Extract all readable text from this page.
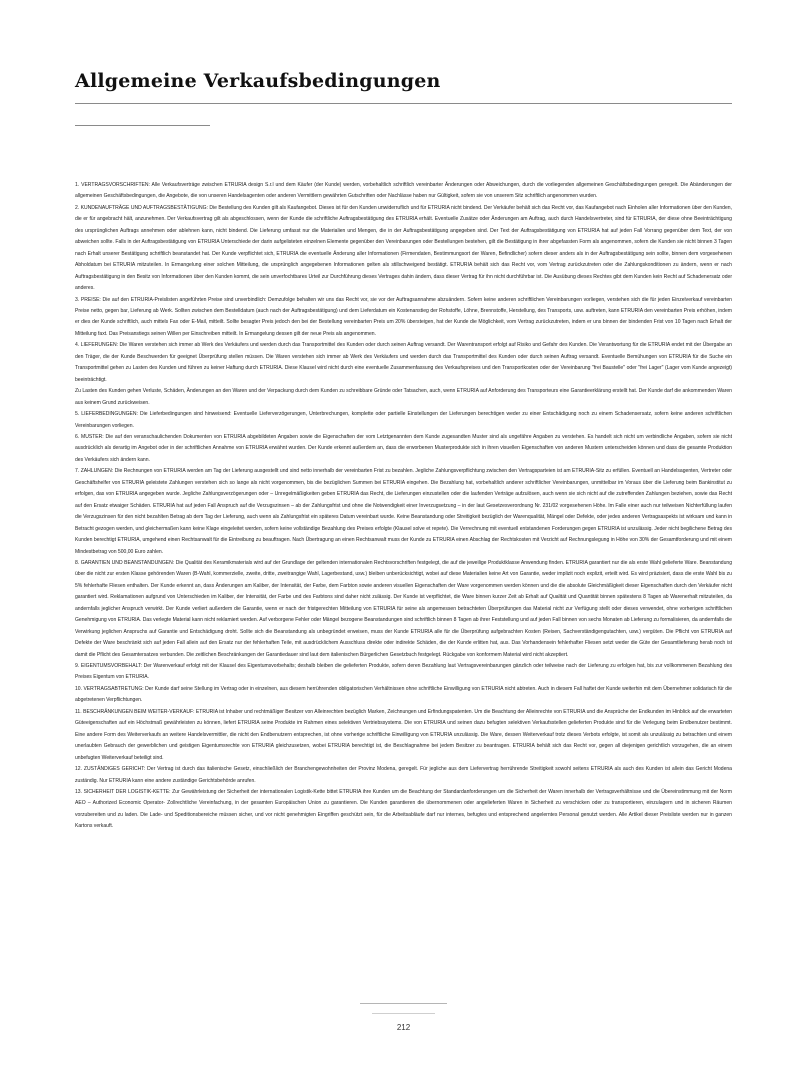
Allgemeine Verkaufsbedingungen

1. VERTRAGSVORSCHRIFTEN: Alle Verkaufsverträge zwischen ETRURIA design S.r.l und dem Käufer (der Kunde) werden, vorbehaltlich schriftlich vereinbarter Änderungen oder Abweichungen, durch die vorliegenden allgemeinen Geschäftsbedingungen geregelt. Die Abänderungen der allgemeinen Geschäftsbedingungen, die Angebote, die von unseren Handelsagenten oder anderen Vermittlern gewährten Gutschriften oder Nachlässe haben nur Gültigkeit, sofern sie von unserem Sitz schriftlich angenommen wurden.

2. KUNDENAUFTRÄGE UND AUFTRAGSBESTÄTIGUNG: Die Bestellung des Kunden gilt als Kaufangebot. Dieses ist für den Kunden unwiderruflich und für ETRURIA nicht bindend. Der Verkäufer behält sich das Recht vor, das Kaufangebot nach Einholen aller Informationen über den Kunden, die er für angebracht hält, anzunehmen. Der Verkaufsvertrag gilt als abgeschlossen, wenn der Kunde die schriftliche Auftragsbestätigung des ETRURIA erhält. Eventuelle Zusätze oder Änderungen am Auftrag, auch durch Handelsvertreter, sind für ETRURIA, der diese ohne Beeinträchtigung des ursprünglichen Auftrags annehmen oder ablehnen kann, nicht bindend. Die Lieferung umfasst nur die Materialien und Mengen, die in der Auftragsbestätigung angegeben sind. Der Text der Auftragsbestätigung von ETRURIA hat auf jeden Fall Vorrang gegenüber dem Text, der von abweichen sollte. Falls in der Auftragsbestätigung von ETRURIA Unterschiede der darin aufgelisteten einzelnen Elemente gegenüber den Vereinbarungen oder Bestellungen bestehen, gilt die Bestätigung in ihrer abgefassten Form als angenommen, sofern die Kunden sie nicht binnen 3 Tagen nach Erhalt unserer Bestätigung schriftlich beanstandet hat. Der Kunde verpflichtet sich, ETRURIA die eventuelle Änderung aller Informationen (Firmendaten, Bestimmungsort der Waren, Befindlicher) sofern dieser anders als in der Auftragsbestätigung sein sollte, binnen dem vorgesehenen Abholdatum bei ETRURIA mitzuteilen. In Ermangelung einer solchen Mitteilung, die ursprünglich angegebenen Informationen gelten als stillschweigend bestätigt. ETRURIA behält sich das Recht vor, vom Vertrag zurückzutreten oder die Zahlungskonditionen zu ändern, wenn er nach Auftragsbestätigung in den Besitz von Informationen über den Kunden kommt, die sein unverfochtbares Urteil zur Durchführung dieses Vertrages dahin ändern, dass dieser Vertrag für ihn nicht durchführbar ist. Die Ausübung dieses Rechtes gibt dem Kunden kein Recht auf Schadenersatz oder anderes.

3. PREISE: Die auf den ETRURIA-Preislisten angeführten Preise sind unverbindlich: Demzufolge behalten wir uns das Recht vor, sie vor der Auftragsannahme abzuändern. Sofern keine anderen schriftlichen Vereinbarungen vorliegen, verstehen sich die für jeden Einzelverkauf vereinbarten Preise netto, gegen bar, Lieferung ab Werk. Sollten zwischen dem Bestelldatum (auch nach der Auftragsbestätigung) und dem Lieferdatum ein Kostenanstieg der Rohstoffe, Löhne, Brennstoffe, Herstellung, des Transports, usw. auftreten, kann ETRURIA den vereinbarten Preis erhöhen, indem er dies der Kunde schriftlich, auch mittels Fax oder E-Mail, mitteilt. Sollte besagter Preis jedoch den bei der Bestellung vereinbarten Preis um 20% übersteigen, hat der Kunde die Möglichkeit, vom Vertrag zurückzutreten, indem er uns binnen der bindenden Frist von 10 Tagen nach Erhalt der Mitteilung faxt. Das Preisanstiegs seinen Willen per Einschreiben mitteilt. In Ermangelung dessen gilt der neue Preis als angenommen.

4. LIEFERUNGEN: Die Waren verstehen sich immer ab Werk des Verkäufers und werden durch das Transportmittel des Kunden oder durch seinen Auftrag versandt. Der Warentransport erfolgt auf Risiko und Gefahr des Kunden. Die Verantwortung für die ETRURIA endet mit der Übergabe an den Träger, die der Kunde Beschwerden für geeignet Überprüfung stellen müssen. Die Waren verstehen sich immer ab Werk des Verkäufers und werden durch das Transportmittel des Kunden oder durch seinen Auftrag versandt. Eventuelle Bemühungen von ETRURIA für die Suche ein Transportmittel gehen zu Lasten des Kunden und führen zu keiner Haftung durch ETRURIA. Diese Klausel wird nicht durch eine eventuelle Zusammenfassung des Verkaufspreises und den Transportkosten oder der Vereinbarung "frei Baustelle" oder "frei Lager" (Lager vom Kunde angezeigt) beeinträchtigt.

Zu Lasten des Kunden gehen Verluste, Schäden, Änderungen an den Waren und der Verpackung durch dem Kunden zu schreibbare Gründe oder Tatsachen, auch, wenn ETRURIA auf Anforderung des Transporteurs eine Garantieerklärung erstellt hat. Der Kunde darf die ankommenden Waren aus keinem Grund zurückweisen.

5. LIEFERBEDINGUNGEN: Die Lieferbedingungen sind hinweisend: Eventuelle Lieferverzögerungen, Unterbrechungen, komplette oder partielle Einstellungen der Lieferungen berechtigen weder zu einer Entschädigung noch zu einem Schadensersatz, sofern keine anderen schriftlichen Vereinbarungen vorliegen.

6. MUSTER: Die auf den veranschaulichenden Dokumenten von ETRURIA abgebildeten Angaben sowie die Eigenschaften der vom Letztgenannten dem Kunde zugesandten Muster sind als ungefähre Angaben zu verstehen. Es handelt sich nicht um verbindliche Angaben, sofern sie nicht ausdrücklich als derartig im Angebot oder in der schriftlichen Annahme von ETRURIA erwähnt wurden. Der Kunde erkennt außerdem an, dass die erworbenen Musterprodukte sich in ihren visuellen Eigenschaften von anderen Mustern unterscheiden können und dass die gesamte Produktion des Verkäufers sich ändern kann.

7. ZAHLUNGEN: Die Rechnungen von ETRURIA werden am Tag der Lieferung ausgestellt und sind netto innerhalb der vereinbarten Frist zu bezahlen. Jegliche Zahlungsverpflichtung zwischen den Vertragsparteien ist am ETRURIA-Sitz zu erfüllen. Eventuell an Handelsagenten, Vertreter oder Geschäftshelfer von ETRURIA geleistete Zahlungen verstehen sich so lange als nicht vorgenommen, bis die bezüglichen Summen bei ETRURIA eingehen. Die Bezahlung hat, vorbehaltlich anderer schriftlicher Vereinbarungen, unmittelbar im Voraus über die Lieferung beim Bankinstitut zu erfolgen, das von ETRURIA angegeben wurde. Jegliche Zahlungsverzögerungen oder – Unregelmäßigkeiten geben ETRURIA das Recht, die Lieferungen einzustellen oder die laufenden Verträge aufzulösen, auch wenn sie sich nicht auf die zutreffenden Zahlungen beziehen, sowie das Recht auf den Ersatz etwaiger Schäden. ETRURIA hat auf jeden Fall Anspruch auf die Verzugszinsen – ab der Zahlungsfrist und ohne die Notwendigkeit einer Inverzugsetzung – in der laut Gesetzesverordnung Nr. 231/02 vorgesehenen Höhe. Im Falle einer auch nur teilweisen Nichterfüllung laufen die Verzugszinsen für den nicht bezahlten Betrag ab dem Tag der Lieferung, auch wenn als Zahlungsfrist ein späteres Datum vereinbart wurde. Keine Beanstandung oder Streitigkeit bezüglich der Warenqualität, Mängel oder Defekte, oder jedes anderen Vertragsaspekts ist wirksam und kann in Betracht gezogen werden, und gleichermaßen kann keine Klage eingeleitet werden, sofern keine vollständige Bezahlung des Preises erfolgte (Klausel solve et repete). Die Verrechnung mit eventuell entstandenen Forderungen gegen ETRURIA ist unzulässig. Jeder nicht begilichene Betrag des Kunden berechtigt ETRURIA, umgehend einen Rechtsanwalt für die Eintreibung zu beauftragen. Nach Übertragung an einen Rechtsanwalt muss der Kunde zu ETRURIA einen Abschlag der Rechtskosten mit Verzicht auf Rechnungslegung in Höhe von 30% der Gesamtforderung und mit einem Mindestbetrag von 500,00 Euro zahlen.

8. GARANTIEN UND BEANSTANDUNGEN: Die Qualität des Keramikmaterials wird auf der Grundlage der geltenden internationalen Rechtsvorschriften festgelegt, die auf die jeweilige Produktklasse Anwendung finden. ETRURIA garantiert nur die als erste Wahl gelieferte Ware. Beanstandung über die nicht zur ersten Klasse gehörenden Waren (B-Wahl, kommerzielle, zweite, dritte, zweitrangige Wahl, Lagerbestand, usw.) bleiben unberücksichtigt, wobei auf diese Materialien keine Art von Garantie, weder implizit noch explizit, erteilt wird. Es wird präzisiert, dass die erste Wahl bis zu 5% fehlerhafte Fliesen enthalten. Der Kunde erkennt an, dass Änderungen am Kaliber, der Intensität, der Farbe, dem Farbton sowie anderen visuellen Eigenschaften der Ware vorgenommen werden können und die die absolute Gleichmäßigkeit dieser Eigenschaften durch den Verkäufer nicht garantiert wird. Reklamationen aufgrund von Unterschieden im Kaliber, der Intensität, der Farbe und des Farbtons sind daher nicht zulässig. Der Kunde ist verpflichtet, die Ware binnen kurzer Zeit ab Erhalt auf Qualität und Quantität binnen spätestens 8 Tagen ab Warenerhalt mitzuteilen, da andernfalls jeglicher Anspruch verwirkt. Der Kunde verliert außerdem die Garantie, wenn er nach der fristgerechten Mitteilung von ETRURIA für seine als angemessen betrachteten Überprüfungen das Material nicht zur Verfügung stellt oder dieses verwendet, ohne vorherigen schriftlichen Genehmigung von ETRURIA. Das verlegte Material kann nicht reklamiert werden. Auf verborgene Fehler oder Mängel bezogene Beanstandungen sind schriftlich binnen 8 Tagen ab ihrer Feststellung und auf jeden Fall binnen von sechs Monaten ab Lieferung zu formalisieren, da andernfalls die Verwirkung jeglichen Anspruchs auf Garantie und Entschädigung droht. Sollte sich die Beanstandung als unbegründet erweisen, muss der Kunde ETRURIA alle für die Überprüfung aufgebrachten Kosten (Reisen, Sachverständigengutachten, usw.) vergüten. Die Pflicht von ETRURIA auf Defekte der Ware beschränkt sich auf jeden Fall allein auf den Ersatz nur der fehlerhaften Teile, mit ausdrücklichem Ausschluss direkte oder indirekte Schäden, die der Kunde erlitten hat, aus. Das Vorhandensein fehlerhafter Fliesen setzt weder die Güte der Gesamtlieferung herab noch ist damit die Pflicht des Gesamtersatzes verbunden. Die zeitlichen Beschränkungen der Garantiedauer sind laut dem italienischen Bürgerlichen Gesetzbuch festgelegt. Rückgabe von konformem Material wird nicht akzeptiert.

9. EIGENTUMSVORBEHALT: Der Warenverkauf erfolgt mit der Klausel des Eigentumsvorbehalts; deshalb bleiben die gelieferten Produkte, sofern deren Bezahlung laut Vertragsvereinbarungen gänzlich oder teilweise nach der Lieferung zu erfolgen hat, bis zur vollkommenen Bezahlung des Preises Eigentum von ETRURIA.

10. VERTRAGSABTRETUNG: Der Kunde darf seine Stellung im Vertrag oder in einzelnen, aus diesem herrührenden obligatorischen Verhältnissen ohne schriftliche Einwilligung von ETRURIA nicht abtreten. Auch in diesem Fall haftet der Kunde weiterhin mit dem Übernehmer solidarisch für die abgetretenen Verpflichtungen.

11. BESCHRÄNKUNGEN BEIM WEITER-VERKAUF: ETRURIA ist Inhaber und rechtmäßiger Besitzer von Alleinrechten bezüglich Marken, Zeichnungen und Erfindungspatenten. Um die Beachtung der Alleinrechte von ETRURIA und die Ansprüche der Endkunden im Hinblick auf die erwarteten Güteeigenschaften auf ein Höchstmaß gewährleisten zu können, liefert ETRURIA seine Produkte im Rahmen eines selektiven Vertriebssystems. Die von ETRURIA und seinen dazu befugten selektiven Verkaufsstellen gelieferten Produkte sind für die Verlegung beim Endbenutzer bestimmt. Eine andere Form des Weiterverkaufs an weitere Handelsvermittler, die nicht den Endbenutzern entsprechen, ist ohne vorherige schriftliche Einwilligung von ETRURIA unzulässig. Die Ware, dessen Weiterverkauf trotz dieses Verbots erfolgte, ist somit als unzulässig zu betrachten und einem unerlaubten Gebrauch der gewerblichen und geistigen Eigentumsrechte von ETRURIA gleichzusetzen, wobei ETRURIA berechtigt ist, die Beschlagnahme bei jedem Besitzer zu beantragen. ETRURIA behält sich das Recht vor, gegen all diejenigen gerichtlich vorzugehen, die an einem unbefugten Weiterverkauf beteiligt sind.

12. ZUSTÄNDIGES GERICHT: Der Vertrag ist durch das italienische Gesetz, einschließlich der Branchengewohnheiten der Provinz Modena, geregelt. Für jegliche aus dem Liefervertrag herrührende Streitigkeit sowohl seitens ETRURIA als auch des Kunden ist allein das Gericht Modena zuständig. Nur ETRURIA kann eine andere zuständige Gerichtsbehörde anrufen.

13. SICHERHEIT DER LOGISTIK-KETTE: Zur Gewährleistung der Sicherheit der internationalen Logistik-Kette bittet ETRURIA ihre Kunden um die Beachtung der Standardanforderungen um die Sicherheit der Waren innerhalb der Vertragsverhältnisse und die Übereinstimmung mit der Norm AEO – Authorized Economic Operator- Zollrechtliche Vereinfachung, in der gesamten Europäischen Union zu garantieren. Die Kunden garantieren die übernommenen oder angelieferten Waren in Sicherheit zu verschicken oder zu transportieren, einzulagern und in sicheren Räumen vorzubereiten und zu laden. Die Lade- und Speditionsbereiche müssen sicher, und vor nicht genehmigten Eingriffen geschützt sein, für die Arbeitsabläufe darf nur internes, befugtes und entsprechend angelerntes Personal genutzt werden. Alle Artikel dieser Preisliste werden nur in ganzen Kartons verkauft.

212
